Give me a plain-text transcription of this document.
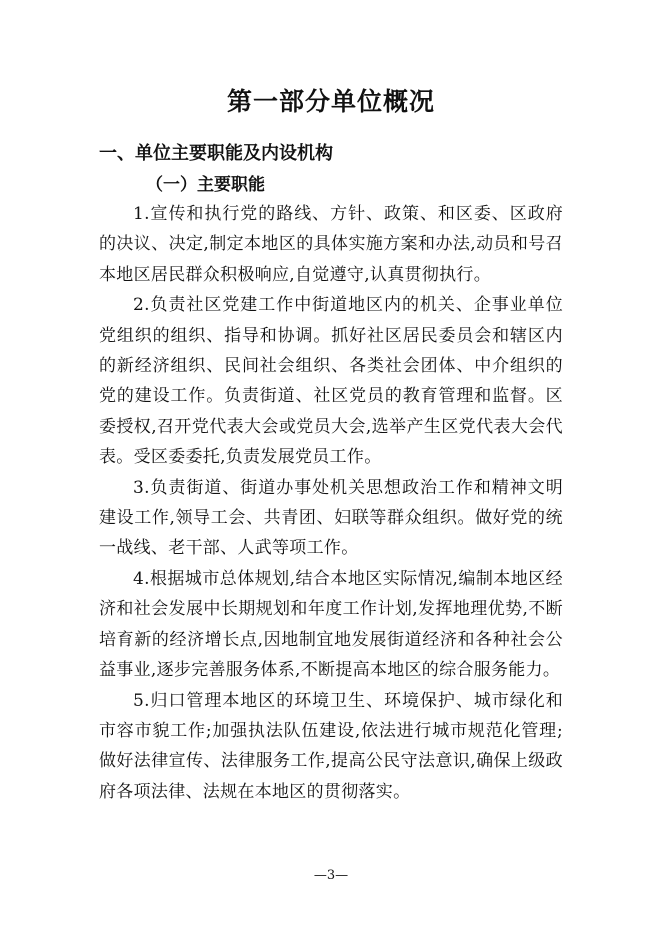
第一部分单位概况
一、单位主要职能及内设机构
（一）主要职能

1.宣传和执行党的路线、方针、政策、和区委、区政府的决议、决定,制定本地区的具体实施方案和办法,动员和号召本地区居民群众积极响应,自觉遵守,认真贯彻执行。

2.负责社区党建工作中街道地区内的机关、企事业单位党组织的组织、指导和协调。抓好社区居民委员会和辖区内的新经济组织、民间社会组织、各类社会团体、中介组织的党的建设工作。负责街道、社区党员的教育管理和监督。区委授权,召开党代表大会或党员大会,选举产生区党代表大会代表。受区委委托,负责发展党员工作。

3.负责街道、街道办事处机关思想政治工作和精神文明建设工作,领导工会、共青团、妇联等群众组织。做好党的统一战线、老干部、人武等项工作。

4.根据城市总体规划,结合本地区实际情况,编制本地区经济和社会发展中长期规划和年度工作计划,发挥地理优势,不断培育新的经济增长点,因地制宜地发展街道经济和各种社会公益事业,逐步完善服务体系,不断提高本地区的综合服务能力。

5.归口管理本地区的环境卫生、环境保护、城市绿化和市容市貌工作;加强执法队伍建设,依法进行城市规范化管理;做好法律宣传、法律服务工作,提高公民守法意识,确保上级政府各项法律、法规在本地区的贯彻落实。

—3—
